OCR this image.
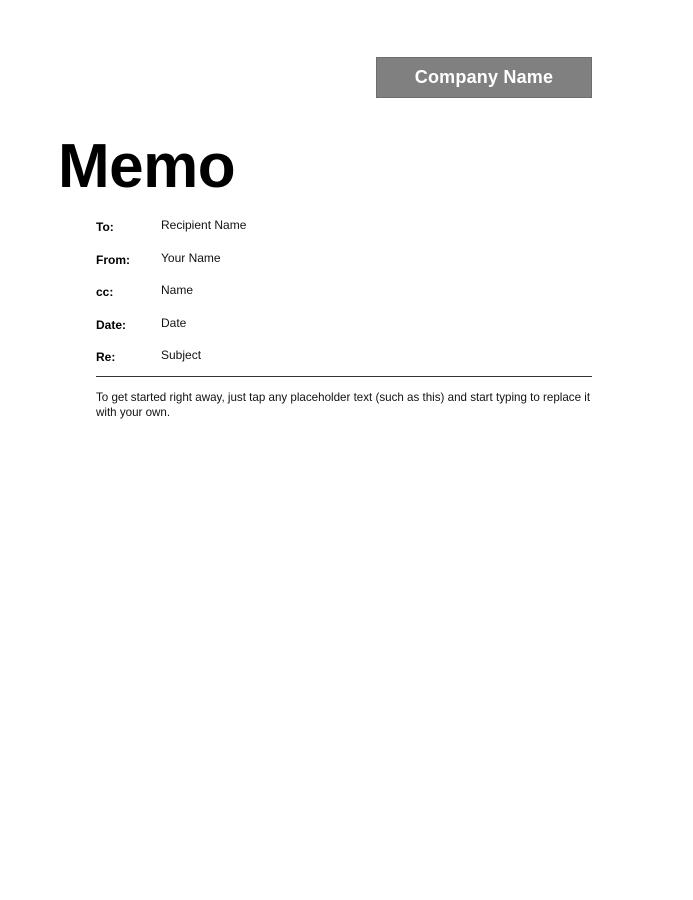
Company Name
Memo
To:	Recipient Name
From:	Your Name
cc:	Name
Date:	Date
Re:	Subject
To get started right away, just tap any placeholder text (such as this) and start typing to replace it with your own.
